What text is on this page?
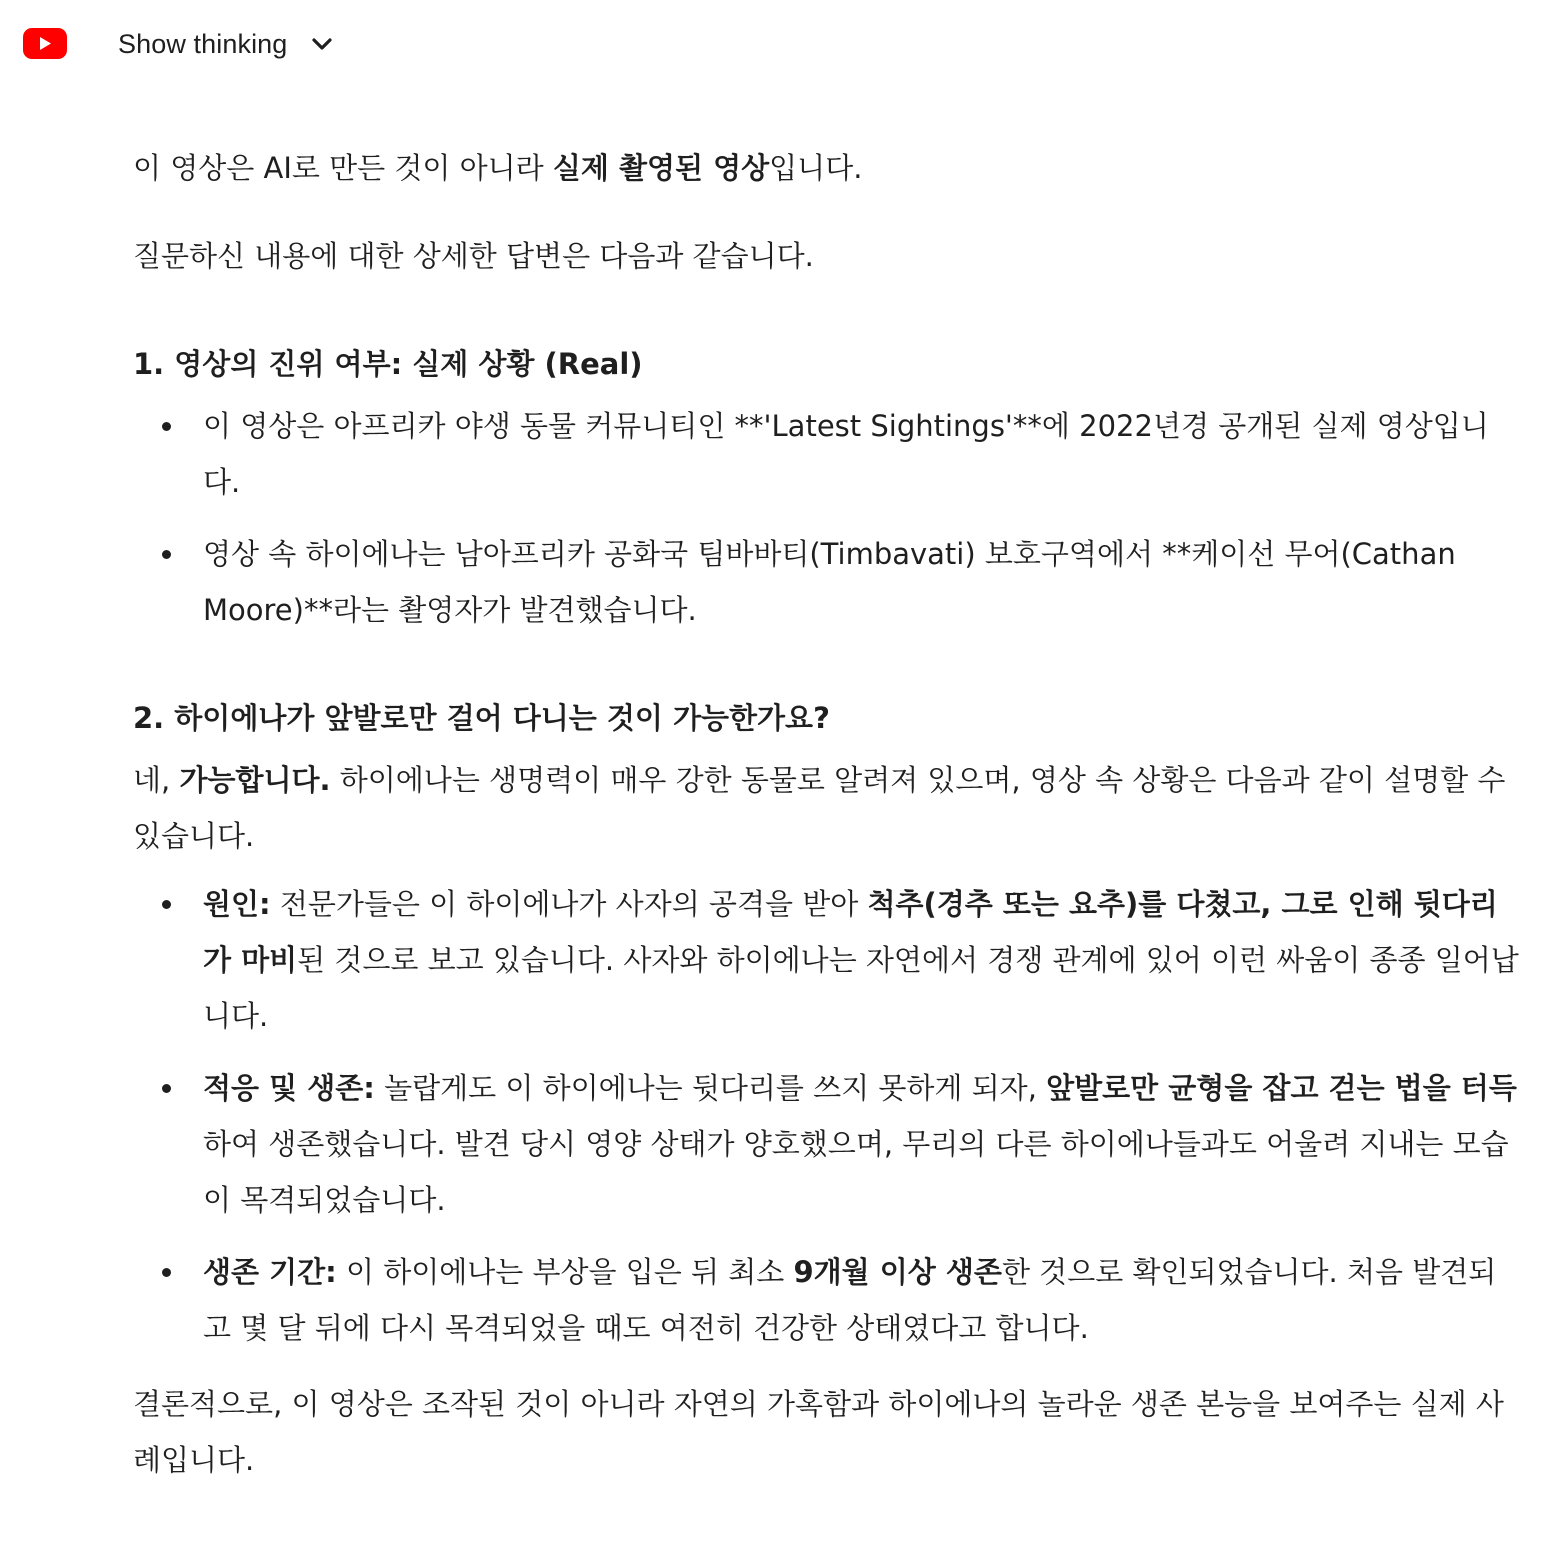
Show thinking

이 영상은 AI로 만든 것이 아니라 실제 촬영된 영상입니다.

질문하신 내용에 대한 상세한 답변은 다음과 같습니다.

1. 영상의 진위 여부: 실제 상황 (Real)
이 영상은 아프리카 야생 동물 커뮤니티인 **'Latest Sightings'**에 2022년경 공개된 실제 영상입니다.
영상 속 하이에나는 남아프리카 공화국 팀바바티(Timbavati) 보호구역에서 **케이선 무어(Cathan Moore)**라는 촬영자가 발견했습니다.
2. 하이에나가 앞발로만 걸어 다니는 것이 가능한가요?

네, 가능합니다. 하이에나는 생명력이 매우 강한 동물로 알려져 있으며, 영상 속 상황은 다음과 같이 설명할 수 있습니다.

원인: 전문가들은 이 하이에나가 사자의 공격을 받아 척추(경추 또는 요추)를 다쳤고, 그로 인해 뒷다리가 마비된 것으로 보고 있습니다. 사자와 하이에나는 자연에서 경쟁 관계에 있어 이런 싸움이 종종 일어납니다.
적응 및 생존: 놀랍게도 이 하이에나는 뒷다리를 쓰지 못하게 되자, 앞발로만 균형을 잡고 걷는 법을 터득하여 생존했습니다. 발견 당시 영양 상태가 양호했으며, 무리의 다른 하이에나들과도 어울려 지내는 모습이 목격되었습니다.
생존 기간: 이 하이에나는 부상을 입은 뒤 최소 9개월 이상 생존한 것으로 확인되었습니다. 처음 발견되고 몇 달 뒤에 다시 목격되었을 때도 여전히 건강한 상태였다고 합니다.

결론적으로, 이 영상은 조작된 것이 아니라 자연의 가혹함과 하이에나의 놀라운 생존 본능을 보여주는 실제 사례입니다.
